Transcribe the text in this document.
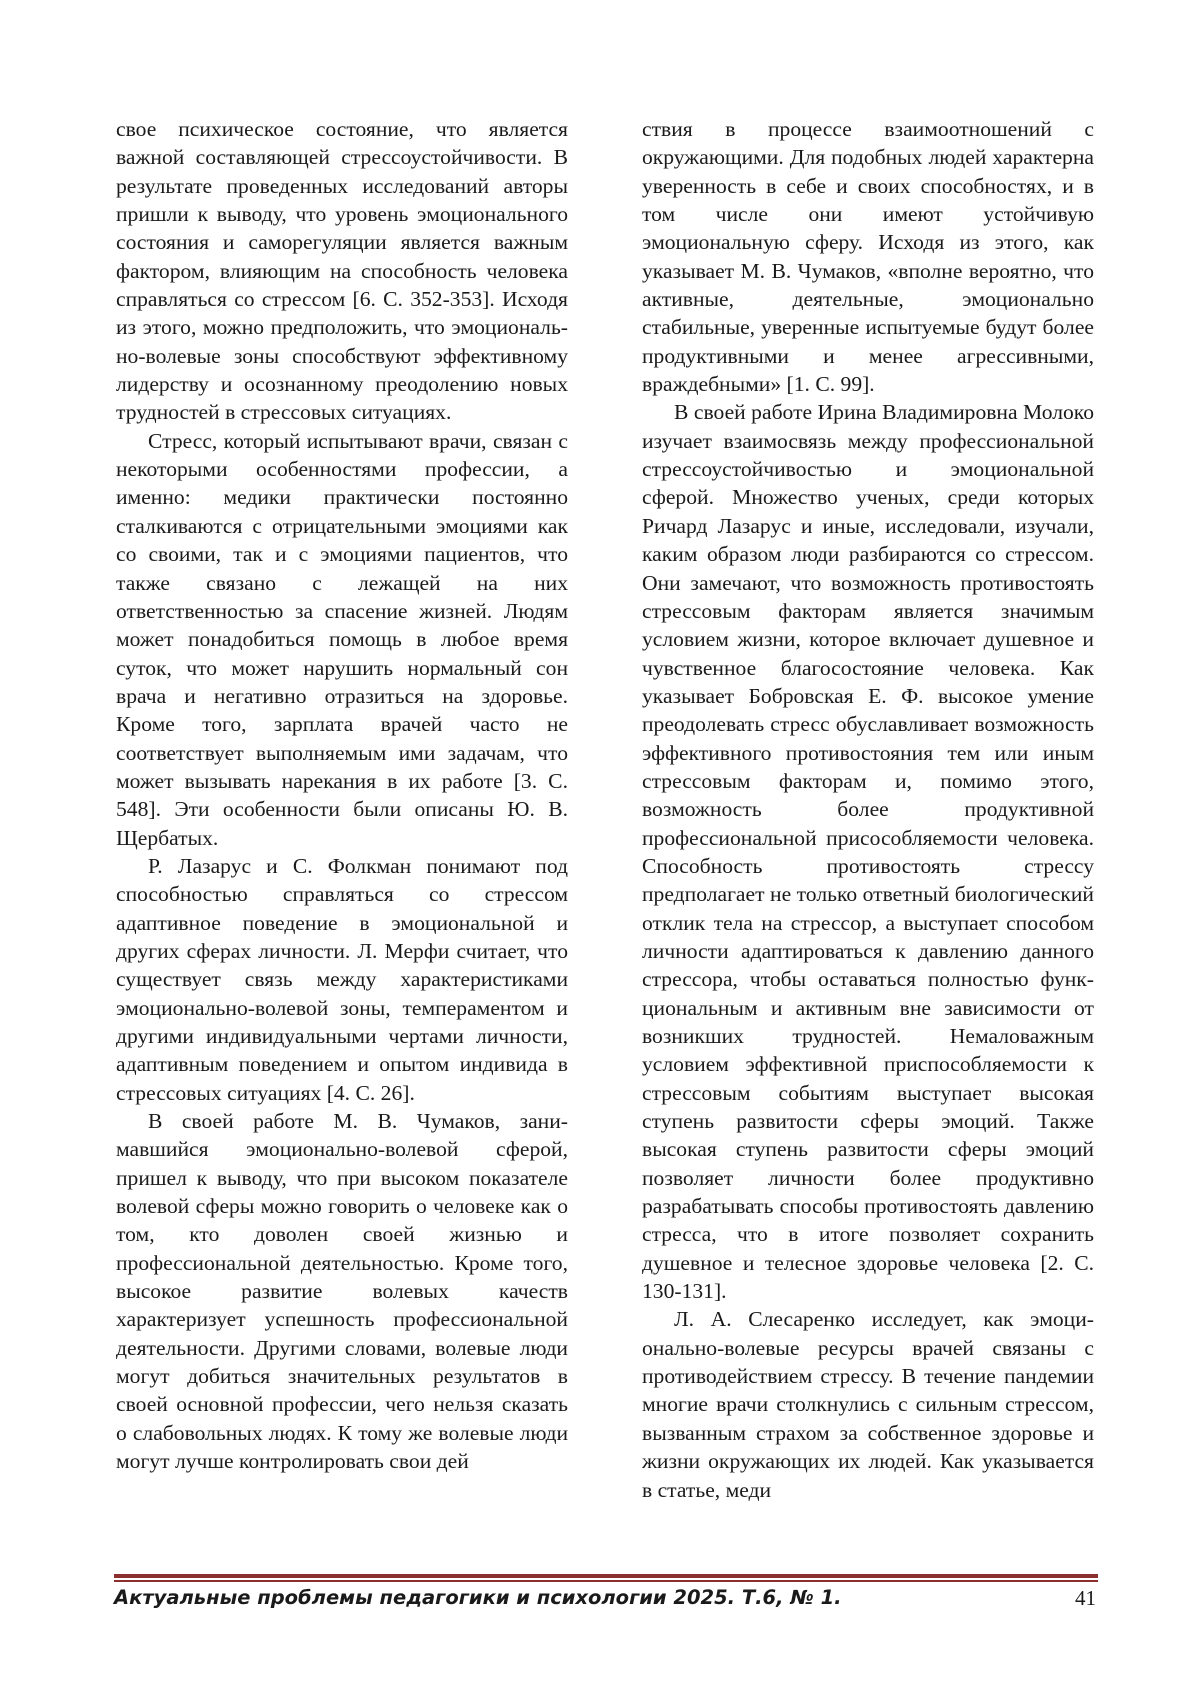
свое психическое состояние, что является важной составляющей стрессоустойчивости. В результате проведенных исследований авторы пришли к выводу, что уровень эмоционального состояния и саморегуляции является важным фактором, влияющим на способность человека справляться со стрессом [6. С. 352-353]. Исходя из этого, можно предположить, что эмоционально-волевые зоны способствуют эффективному лидерству и осознанному преодолению новых трудностей в стрессовых ситуациях.

Стресс, который испытывают врачи, связан с некоторыми особенностями профессии, а именно: медики практически постоянно сталкиваются с отрицательными эмоциями как со своими, так и с эмоциями пациентов, что также связано с лежащей на них ответственностью за спасение жизней. Людям может понадобиться помощь в любое время суток, что может нарушить нормальный сон врача и негативно отразиться на здоровье. Кроме того, зарплата врачей часто не соответствует выполняемым ими задачам, что может вызывать нарекания в их работе [3. С. 548]. Эти особенности были описаны Ю. В. Щербатых.

Р. Лазарус и С. Фолкман понимают под способностью справляться со стрессом адаптивное поведение в эмоциональной и других сферах личности. Л. Мерфи считает, что существует связь между характеристиками эмоционально-волевой зоны, темпераментом и другими индивидуальными чертами личности, адаптивным поведением и опытом индивида в стрессовых ситуациях [4. С. 26].

В своей работе М. В. Чумаков, занимавшийся эмоционально-волевой сферой, пришел к выводу, что при высоком показателе волевой сферы можно говорить о человеке как о том, кто доволен своей жизнью и профессиональной деятельностью. Кроме того, высокое развитие волевых качеств характеризует успешность профессиональной деятельности. Другими словами, волевые люди могут добиться значительных результатов в своей основной профессии, чего нельзя сказать о слабовольных людях. К тому же волевые люди могут лучше контролировать свои дей

ствия в процессе взаимоотношений с окружающими. Для подобных людей характерна уверенность в себе и своих способностях, и в том числе они имеют устойчивую эмоциональную сферу. Исходя из этого, как указывает М. В. Чумаков, «вполне вероятно, что активные, деятельные, эмоционально стабильные, уверенные испытуемые будут более продуктивными и менее агрессивными, враждебными» [1. С. 99].

В своей работе Ирина Владимировна Молоко изучает взаимосвязь между профессиональной стрессоустойчивостью и эмоциональной сферой. Множество ученых, среди которых Ричард Лазарус и иные, исследовали, изучали, каким образом люди разбираются со стрессом. Они замечают, что возможность противостоять стрессовым факторам является значимым условием жизни, которое включает душевное и чувственное благосостояние человека. Как указывает Бобровская Е. Ф. высокое умение преодолевать стресс обуславливает возможность эффективного противостояния тем или иным стрессовым факторам и, помимо этого, возможность более продуктивной профессиональной присособляемости человека. Способность противостоять стрессу предполагает не только ответный биологический отклик тела на стрессор, а выступает способом личности адаптироваться к давлению данного стрессора, чтобы оставаться полностью функциональным и активным вне зависимости от возникших трудностей. Немаловажным условием эффективной приспособляемости к стрессовым событиям выступает высокая ступень развитости сферы эмоций. Также высокая ступень развитости сферы эмоций позволяет личности более продуктивно разрабатывать способы противостоять давлению стресса, что в итоге позволяет сохранить душевное и телесное здоровье человека [2. С. 130-131].

Л. А. Слесаренко исследует, как эмоционально-волевые ресурсы врачей связаны с противодействием стрессу. В течение пандемии многие врачи столкнулись с сильным стрессом, вызванным страхом за собственное здоровье и жизни окружающих их людей. Как указывается в статье, меди

Актуальные проблемы педагогики и психологии 2025. Т.6, № 1.	41
